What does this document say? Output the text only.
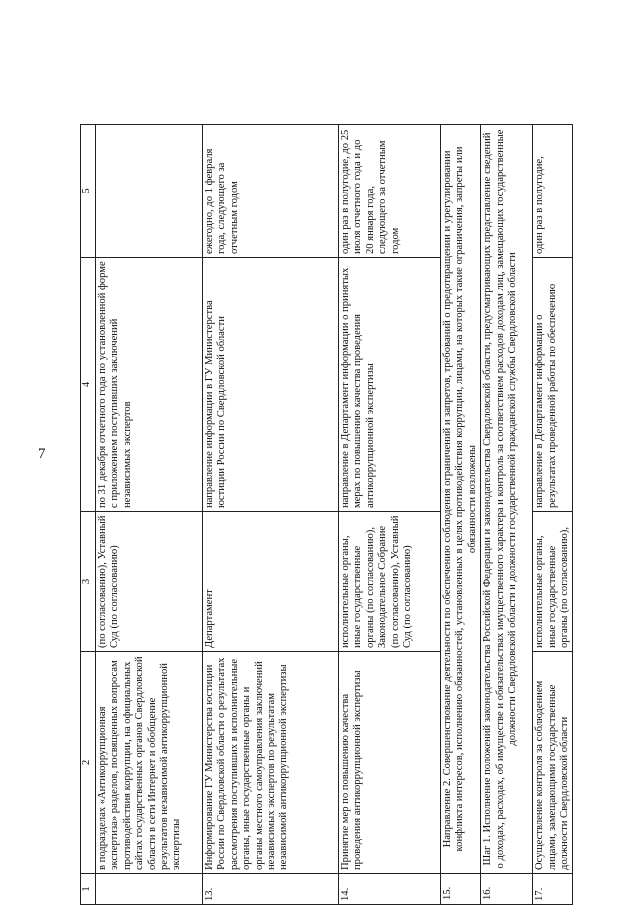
7
1	2	3	4	5
	в подразделах «Антикоррупционная экспертиза» разделов, посвященных вопросам противодействия коррупции, на официальных сайтах государственных органов Свердловской области в сети Интернет и обобщение результатов независимой антикоррупционной экспертизы	(по согласованию), Уставный Суд (по согласованию)	по 31 декабря отчетного года по установленной форме с приложением поступивших заключений независимых экспертов	
13.	Информирование ГУ Министерства юстиции России по Свердловской области о результатах рассмотрения поступивших в исполнительные органы, иные государственные органы и органы местного самоуправления заключений независимых экспертов по результатам независимой антикоррупционной экспертизы	Департамент	направление информации в ГУ Министерства юстиции России по Свердловской области	ежегодно, до 1 февраля года, следующего за отчетным годом
14.	Принятие мер по повышению качества проведения антикоррупционной экспертизы	исполнительные органы, иные государственные органы (по согласованию), Законодательное Собрание (по согласованию), Уставный Суд (по согласованию)	направление в Департамент информации о принятых мерах по повышению качества проведения антикоррупционной экспертизы	один раз в полугодие, до 25 июля отчетного года и до 20 января года, следующего за отчетным годом
15.	Направление 2. Совершенствование деятельности по обеспечению соблюдения ограничений и запретов, требований о предотвращении и урегулировании конфликта интересов, исполнению обязанностей, установленных в целях противодействия коррупции, лицами, на которых такие ограничения, запреты или обязанности возложены			
16.	Шаг 1. Исполнение положений законодательства Российской Федерации и законодательства Свердловской области, предусматривающих представление сведений о доходах, расходах, об имуществе и обязательствах имущественного характера и контроль за соответствием расходов доходам лиц, замещающих государственные должности Свердловской области и должности государственной гражданской службы Свердловской области			
17.	Осуществление контроля за соблюдением лицами, замещающими государственные должности Свердловской области	исполнительные органы, иные государственные органы (по согласованию),	направление в Департамент информации о результатах проведенной работы по обеспечению	один раз в полугодие,
